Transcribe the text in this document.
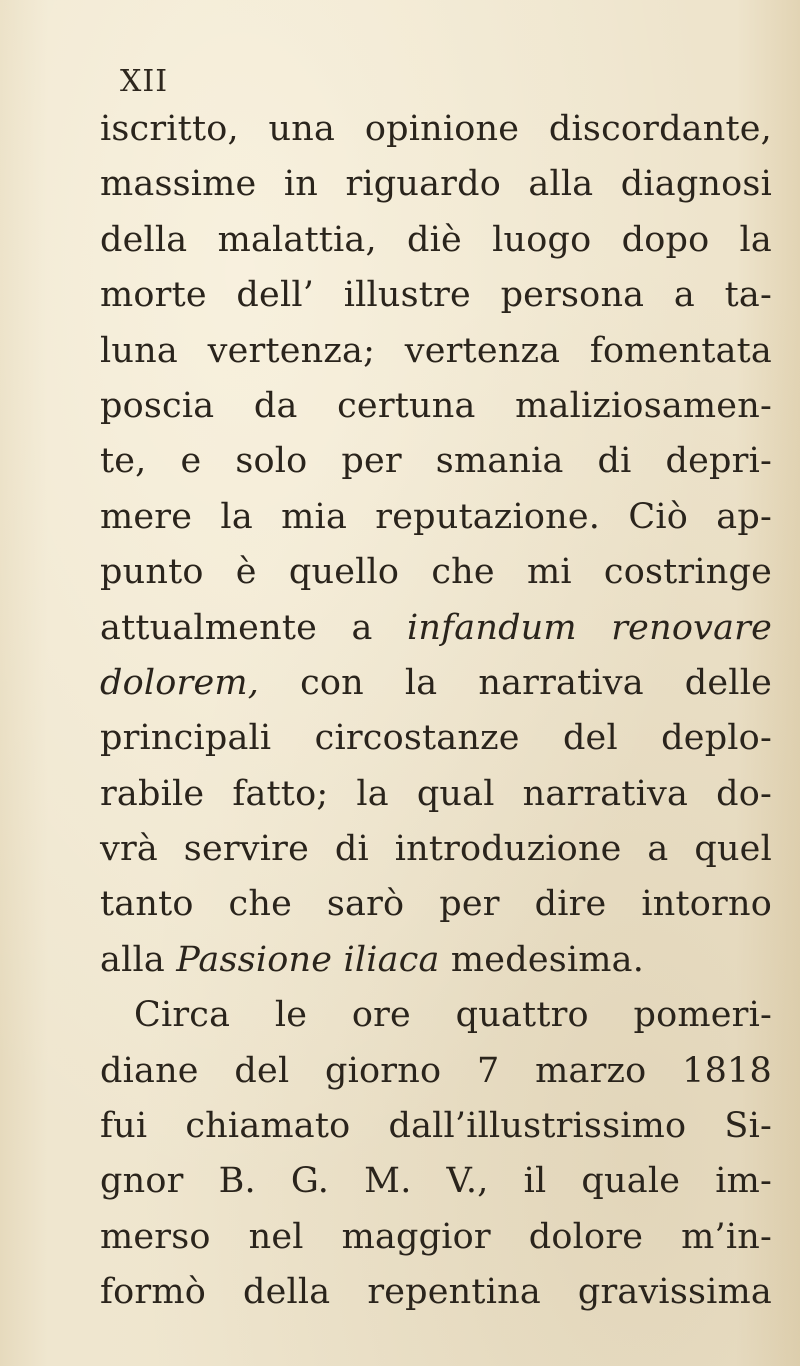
XII
iscritto, una opinione discordante,
massime in riguardo alla diagnosi
della malattia, diè luogo dopo la
morte dell’ illustre persona a ta-
luna vertenza; vertenza fomentata
poscia da certuna maliziosamen-
te, e solo per smania di depri-
mere la mia reputazione. Ciò ap-
punto è quello che mi costringe
attualmente a infandum renovare
dolorem, con la narrativa delle
principali circostanze del deplo-
rabile fatto; la qual narrativa do-
vrà servire di introduzione a quel
tanto che sarò per dire intorno
alla Passione iliaca medesima.
Circa le ore quattro pomeri-
diane del giorno 7 marzo 1818
fui chiamato dall’illustrissimo Si-
gnor B. G. M. V., il quale im-
merso nel maggior dolore m’in-
formò della repentina gravissima
